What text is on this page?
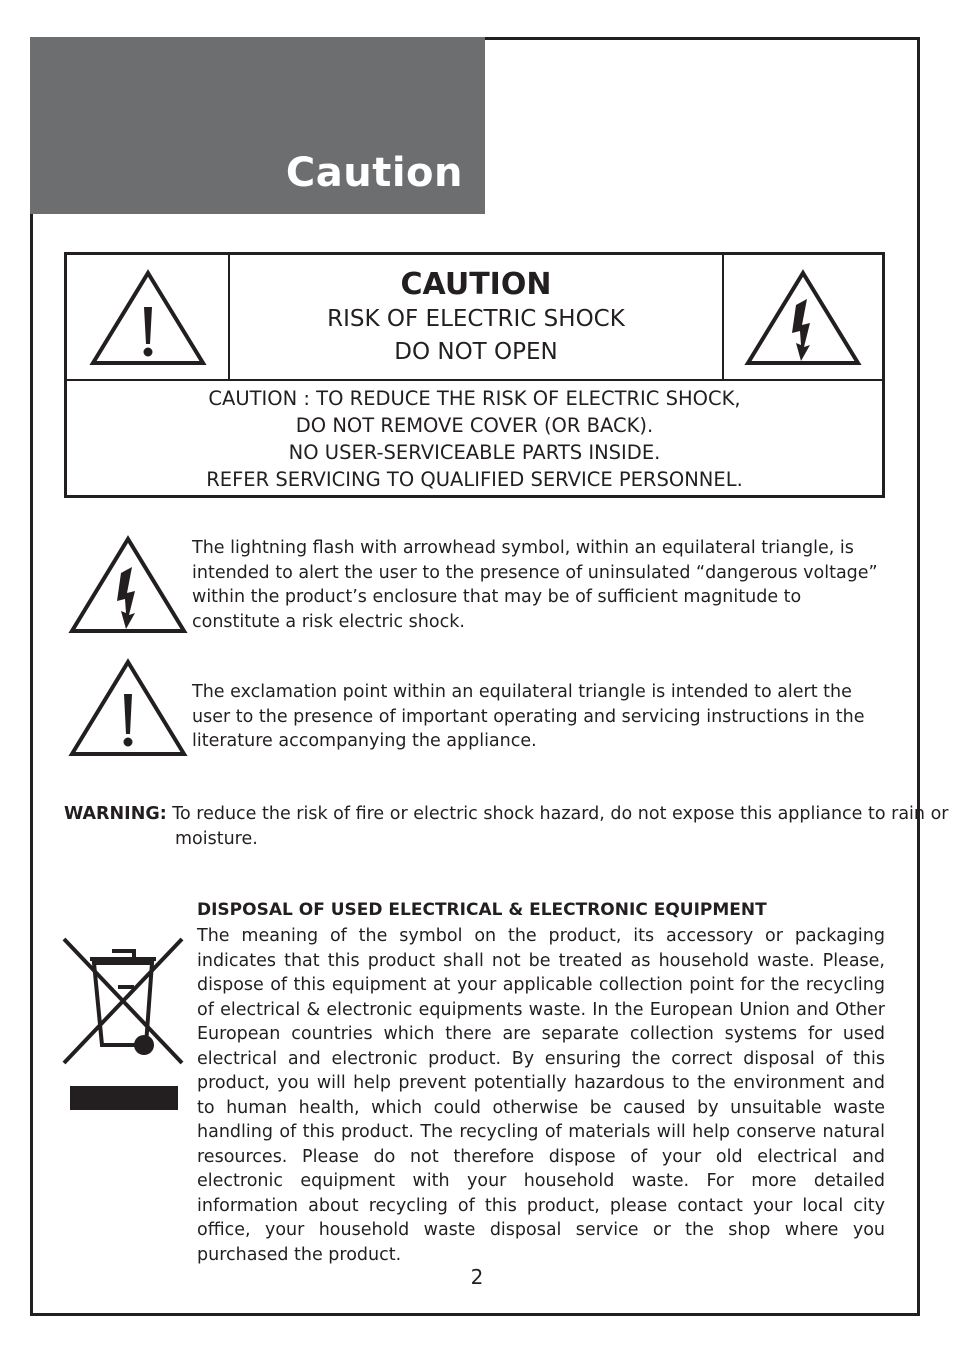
Caution
CAUTION
RISK OF ELECTRIC SHOCK
DO NOT OPEN
CAUTION : TO REDUCE THE RISK OF ELECTRIC SHOCK,
DO NOT REMOVE COVER (OR BACK).
NO USER-SERVICEABLE PARTS INSIDE.
REFER SERVICING TO QUALIFIED SERVICE PERSONNEL.
The lightning flash with arrowhead symbol, within an equilateral triangle, is intended to alert the user to the presence of uninsulated “dangerous voltage” within the product’s enclosure that may be of sufficient magnitude to constitute a risk electric shock.
The exclamation point within an equilateral triangle is intended to alert the user to the presence of important operating and servicing instructions in the literature accompanying the appliance.
WARNING: To reduce the risk of fire or electric shock hazard, do not expose this appliance to rain or moisture.
DISPOSAL OF USED ELECTRICAL & ELECTRONIC EQUIPMENT
The meaning of the symbol on the product, its accessory or packaging indicates that this product shall not be treated as household waste. Please, dispose of this equipment at your applicable collection point for the recycling of electrical & electronic equipments waste. In the European Union and Other European countries which there are separate collection systems for used electrical and electronic product. By ensuring the correct disposal of this product, you will help prevent potentially hazardous to the environment and to human health, which could otherwise be caused by unsuitable waste handling of this product. The recycling of materials will help conserve natural resources. Please do not therefore dispose of your old electrical and electronic equipment with your household waste. For more detailed information about recycling of this product, please contact your local city office, your household waste disposal service or the shop where you purchased the product.
2
